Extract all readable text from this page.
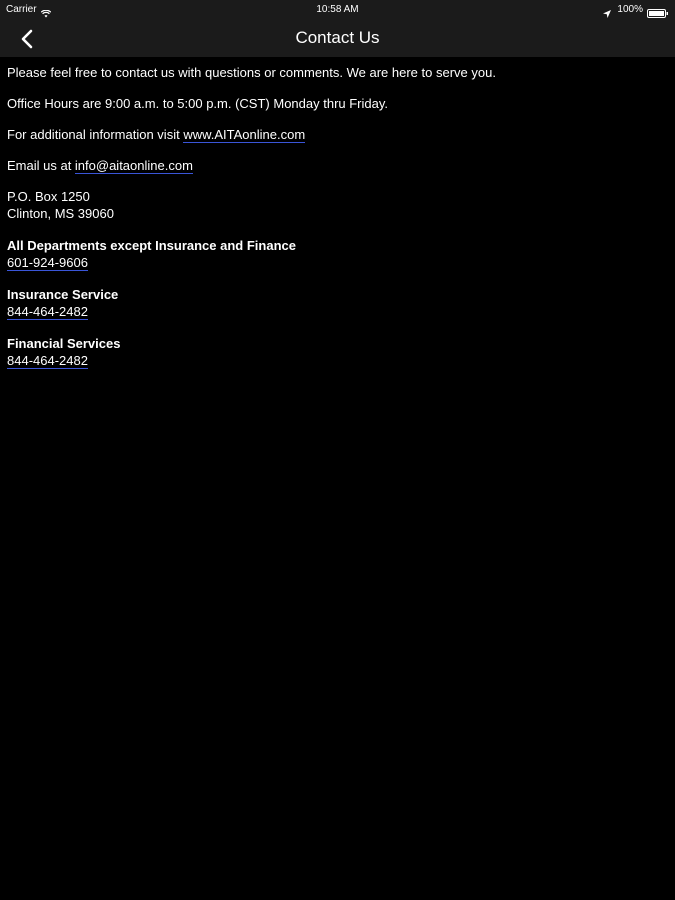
Carrier	10:58 AM	100%
Contact Us

Please feel free to contact us with questions or comments. We are here to serve you.

Office Hours are 9:00 a.m. to 5:00 p.m. (CST) Monday thru Friday.

For additional information visit www.AITAonline.com

Email us at info@aitaonline.com

P.O. Box 1250
Clinton, MS 39060
All Departments except Insurance and Finance
601-924-9606
Insurance Service
844-464-2482
Financial Services
844-464-2482
